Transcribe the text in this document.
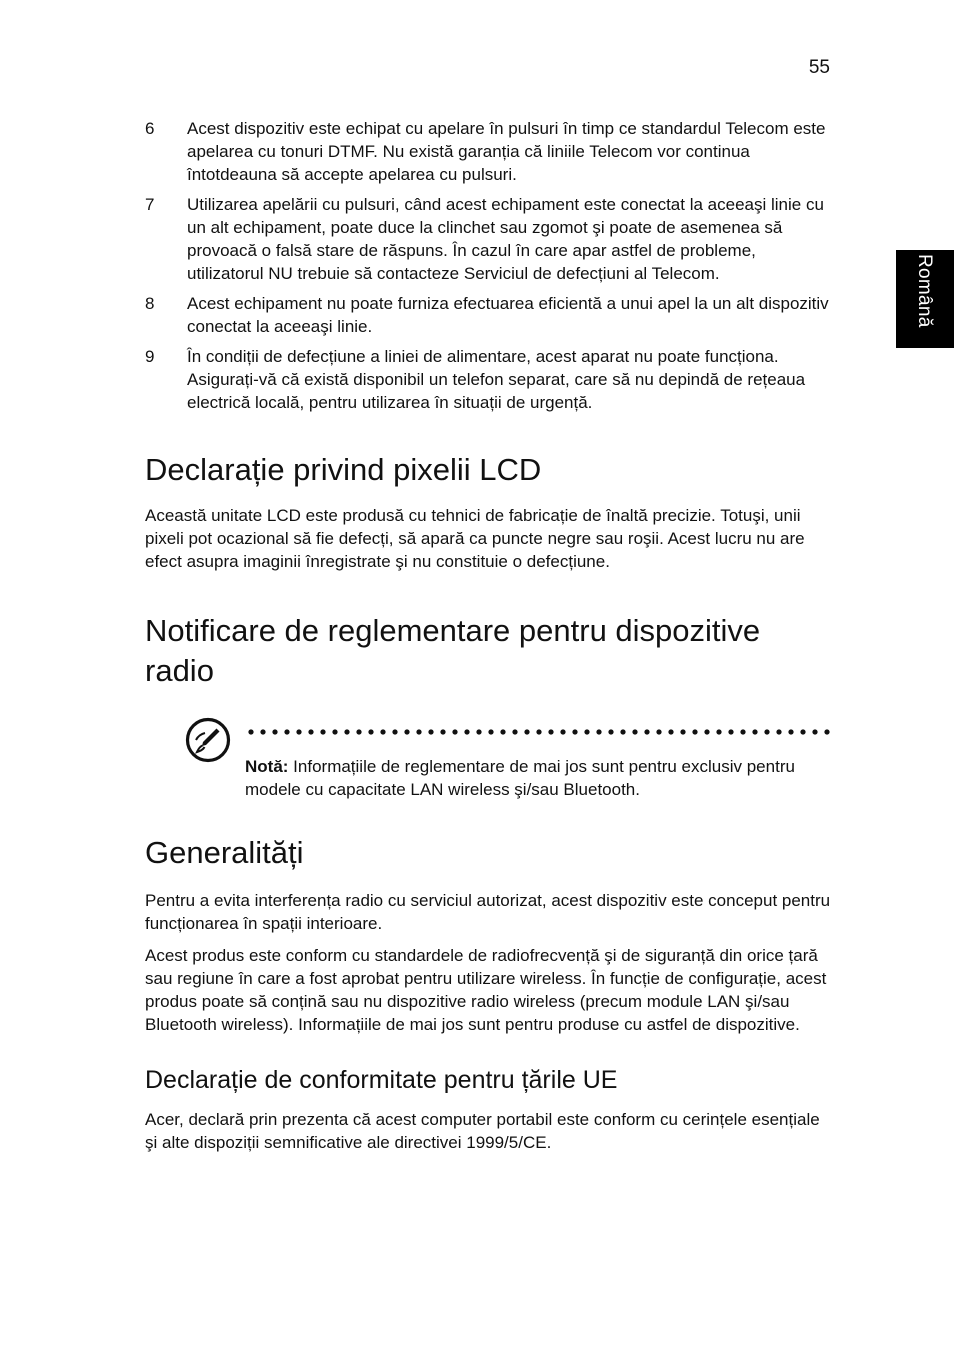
55
Română
6 Acest dispozitiv este echipat cu apelare în pulsuri în timp ce standardul Telecom este apelarea cu tonuri DTMF. Nu există garanția că liniile Telecom vor continua întotdeauna să accepte apelarea cu pulsuri.
7 Utilizarea apelării cu pulsuri, când acest echipament este conectat la aceeaşi linie cu un alt echipament, poate duce la clinchet sau zgomot şi poate de asemenea să provoacă o falsă stare de răspuns. În cazul în care apar astfel de probleme, utilizatorul NU trebuie să contacteze Serviciul de defecțiuni al Telecom.
8 Acest echipament nu poate furniza efectuarea eficientă a unui apel la un alt dispozitiv conectat la aceeaşi linie.
9 În condiții de defecțiune a liniei de alimentare, acest aparat nu poate funcționa. Asigurați-vă că există disponibil un telefon separat, care să nu depindă de rețeaua electrică locală, pentru utilizarea în situații de urgență.
Declarație privind pixelii LCD

Această unitate LCD este produsă cu tehnici de fabricație de înaltă precizie. Totuşi, unii pixeli pot ocazional să fie defecți, să apară ca puncte negre sau roşii. Acest lucru nu are efect asupra imaginii înregistrate şi nu constituie o defecțiune.

Notificare de reglementare pentru dispozitive radio
Notă: Informațiile de reglementare de mai jos sunt pentru exclusiv pentru modele cu capacitate LAN wireless şi/sau Bluetooth.
Generalități

Pentru a evita interferența radio cu serviciul autorizat, acest dispozitiv este conceput pentru funcționarea în spații interioare.

Acest produs este conform cu standardele de radiofrecvență şi de siguranță din orice țară sau regiune în care a fost aprobat pentru utilizare wireless. În funcție de configurație, acest produs poate să conțină sau nu dispozitive radio wireless (precum module LAN şi/sau Bluetooth wireless). Informațiile de mai jos sunt pentru produse cu astfel de dispozitive.

Declarație de conformitate pentru țările UE

Acer, declară prin prezenta că acest computer portabil este conform cu cerințele esențiale şi alte dispoziții semnificative ale directivei 1999/5/CE.
